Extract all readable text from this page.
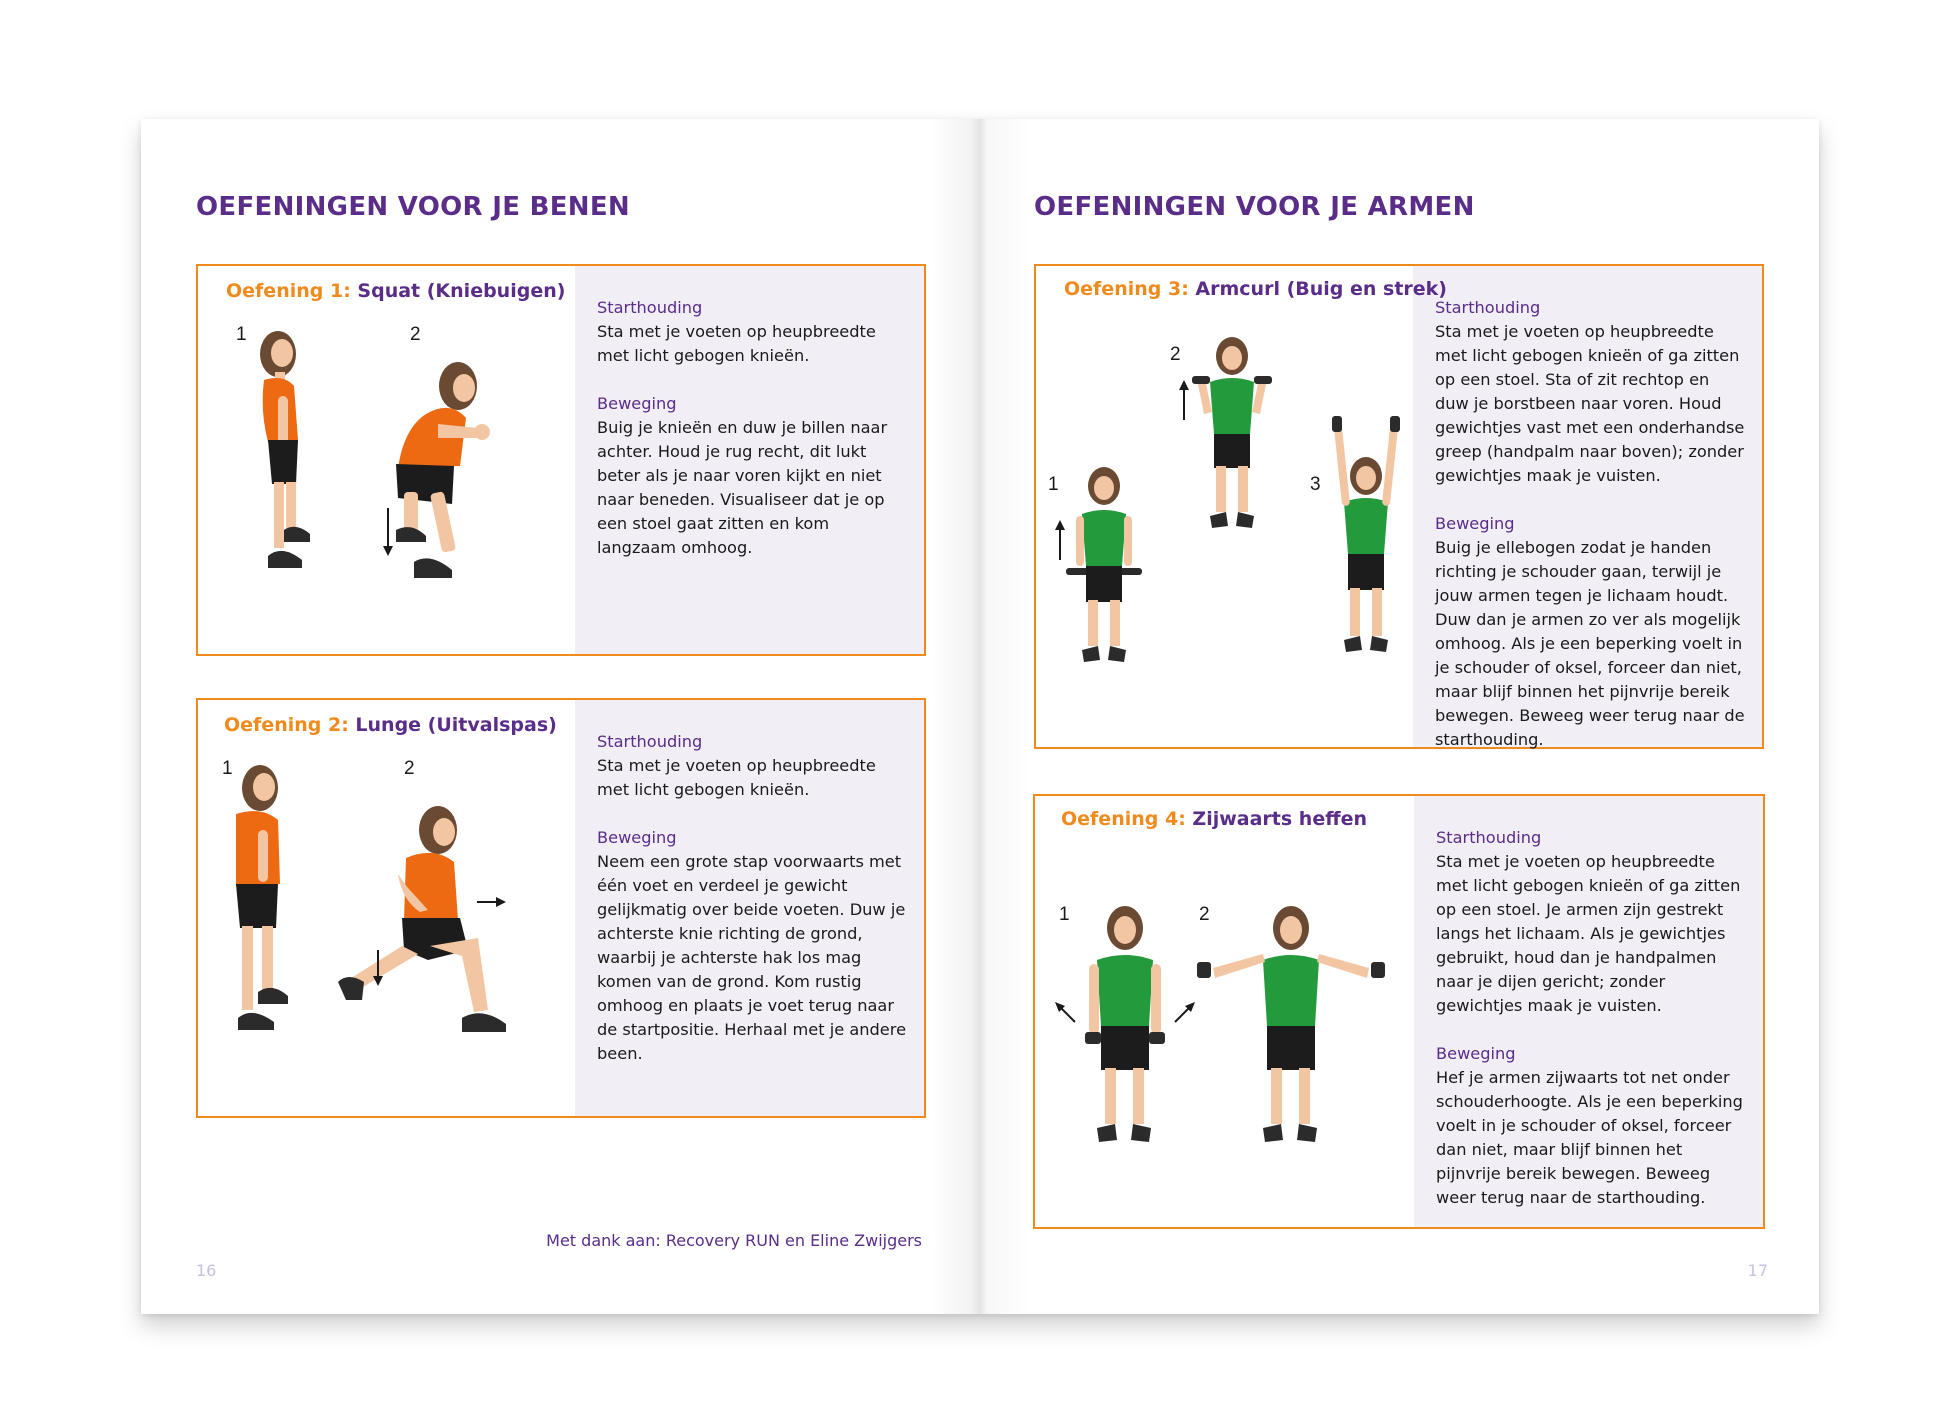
OEFENINGEN VOOR JE BENEN
Starthouding
Sta met je voeten op heupbreedte met licht gebogen knieën.
Beweging
Buig je knieën en duw je billen naar achter. Houd je rug recht, dit lukt beter als je naar voren kijkt en niet naar beneden. Visualiseer dat je op een stoel gaat zitten en kom langzaam omhoog.

Oefening 1: Squat (Kniebuigen)

1	2
Starthouding
Sta met je voeten op heupbreedte met licht gebogen knieën.
Beweging
Neem een grote stap voorwaarts met één voet en verdeel je gewicht gelijkmatig over beide voeten. Duw je achterste knie richting de grond, waarbij je achterste hak los mag komen van de grond. Kom rustig omhoog en plaats je voet terug naar de startpositie. Herhaal met je andere been.

Oefening 2: Lunge (Uitvalspas)

1	2
Met dank aan: Recovery RUN en Eline Zwijgers
16
OEFENINGEN VOOR JE ARMEN
Starthouding
Sta met je voeten op heupbreedte met licht gebogen knieën of ga zitten op een stoel. Sta of zit rechtop en duw je borstbeen naar voren. Houd gewichtjes vast met een onderhandse greep (handpalm naar boven); zonder gewichtjes maak je vuisten.
Beweging
Buig je ellebogen zodat je handen richting je schouder gaan, terwijl je jouw armen tegen je lichaam houdt. Duw dan je armen zo ver als mogelijk omhoog. Als je een beperking voelt in je schouder of oksel, forceer dan niet, maar blijf binnen het pijnvrije bereik bewegen. Beweeg weer terug naar de starthouding.

Oefening 3: Armcurl (Buig en strek)

1
2
3
Starthouding
Sta met je voeten op heupbreedte met licht gebogen knieën of ga zitten op een stoel. Je armen zijn gestrekt langs het lichaam. Als je gewichtjes gebruikt, houd dan je handpalmen naar je dijen gericht; zonder gewichtjes maak je vuisten.
Beweging
Hef je armen zijwaarts tot net onder schouderhoogte. Als je een beperking voelt in je schouder of oksel, forceer dan niet, maar blijf binnen het pijnvrije bereik bewegen. Beweeg weer terug naar de starthouding.

Oefening 4: Zijwaarts heffen

1	2
17
